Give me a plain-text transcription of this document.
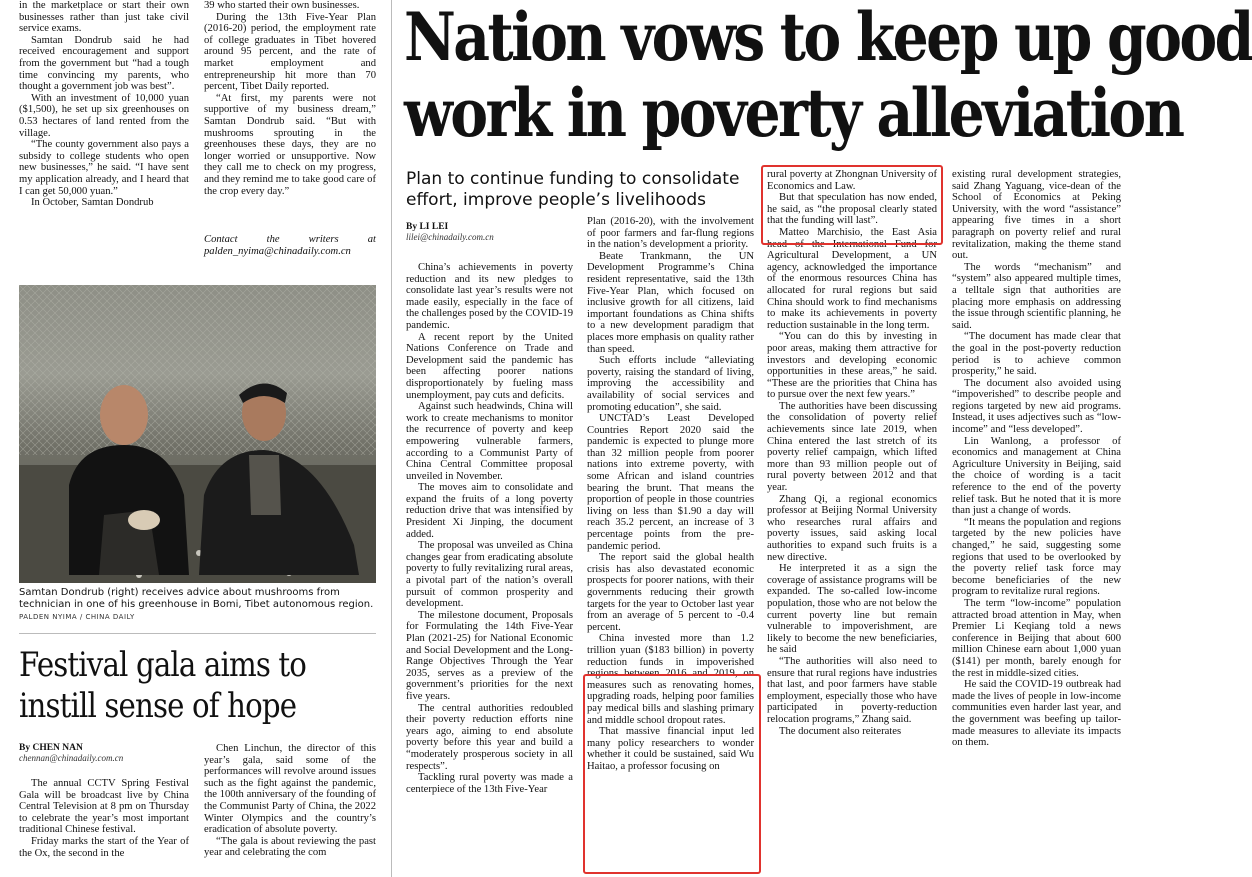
in the marketplace or start their own businesses rather than just take civil service exams.

Samtan Dondrub said he had received encouragement and support from the government but “had a tough time convincing my parents, who thought a government job was best”.

With an investment of 10,000 yuan ($1,500), he set up six greenhouses on 0.53 hectares of land rented from the village.

“The county government also pays a subsidy to college students who open new businesses,” he said. “I have sent my application already, and I heard that I can get 50,000 yuan.”

In October, Samtan Dondrub

39 who started their own businesses.

During the 13th Five-Year Plan (2016-20) period, the employment rate of college graduates in Tibet hovered around 95 percent, and the rate of market employment and entrepreneurship hit more than 70 percent, Tibet Daily reported.

“At first, my parents were not supportive of my business dream,” Samtan Dondrub said. “But with mushrooms sprouting in the greenhouses these days, they are no longer worried or unsupportive. Now they call me to check on my progress, and they remind me to take good care of the crop every day.”

Contact the writers at palden_nyima@chinadaily.com.cn
Samtan Dondrub (right) receives advice about mushrooms from technician in one of his greenhouse in Bomi, Tibet autonomous region. PALDEN NYIMA / CHINA DAILY
Festival gala aims to
instill sense of hope
By CHEN NAN
chennan@chinadaily.com.cn

The annual CCTV Spring Festival Gala will be broadcast live by China Central Television at 8 pm on Thursday to celebrate the year’s most important traditional Chinese festival.

Friday marks the start of the Year of the Ox, the second in the

Chen Linchun, the director of this year’s gala, said some of the performances will revolve around issues such as the fight against the pandemic, the 100th anniversary of the founding of the Communist Party of China, the 2022 Winter Olympics and the country’s eradication of absolute poverty.

“The gala is about reviewing the past year and celebrating the com

Nation vows to keep up good
work in poverty alleviation
Plan to continue funding to consolidate effort, improve people’s livelihoods
By LI LEI
lilei@chinadaily.com.cn

China’s achievements in poverty reduction and its new pledges to consolidate last year’s results were not made easily, especially in the face of the challenges posed by the COVID-19 pandemic.

A recent report by the United Nations Conference on Trade and Development said the pandemic has been affecting poorer nations disproportionately by fueling mass unemployment, pay cuts and deficits.

Against such headwinds, China will work to create mechanisms to monitor the recurrence of poverty and keep empowering vulnerable farmers, according to a Communist Party of China Central Committee proposal unveiled in November.

The moves aim to consolidate and expand the fruits of a long poverty reduction drive that was intensified by President Xi Jinping, the document added.

The proposal was unveiled as China changes gear from eradicating absolute poverty to fully revitalizing rural areas, a pivotal part of the nation’s overall pursuit of common prosperity and development.

The milestone document, Proposals for Formulating the 14th Five-Year Plan (2021-25) for National Economic and Social Development and the Long-Range Objectives Through the Year 2035, serves as a preview of the government’s priorities for the next five years.

The central authorities redoubled their poverty reduction efforts nine years ago, aiming to end absolute poverty before this year and build a “moderately prosperous society in all respects”.

Tackling rural poverty was made a centerpiece of the 13th Five-Year

Plan (2016-20), with the involvement of poor farmers and far-flung regions in the nation’s development a priority.

Beate Trankmann, the UN Development Programme’s China resident representative, said the 13th Five-Year Plan, which focused on inclusive growth for all citizens, laid important foundations as China shifts to a new development paradigm that places more emphasis on quality rather than speed.

Such efforts include “alleviating poverty, raising the standard of living, improving the accessibility and availability of social services and promoting education”, she said.

UNCTAD’s Least Developed Countries Report 2020 said the pandemic is expected to plunge more than 32 million people from poorer nations into extreme poverty, with some African and island countries bearing the brunt. That means the proportion of people in those countries living on less than $1.90 a day will reach 35.2 percent, an increase of 3 percentage points from the pre-pandemic period.

The report said the global health crisis has also devastated economic prospects for poorer nations, with their governments reducing their growth targets for the year to October last year from an average of 5 percent to -0.4 percent.

China invested more than 1.2 trillion yuan ($183 billion) in poverty reduction funds in impoverished regions between 2016 and 2019, on measures such as renovating homes, upgrading roads, helping poor families pay medical bills and slashing primary and middle school dropout rates.

That massive financial input led many policy researchers to wonder whether it could be sustained, said Wu Haitao, a professor focusing on

rural poverty at Zhongnan University of Economics and Law.

But that speculation has now ended, he said, as “the proposal clearly stated that the funding will last”.

Matteo Marchisio, the East Asia head of the International Fund for Agricultural Development, a UN agency, acknowledged the importance of the enormous resources China has allocated for rural regions but said China should work to find mechanisms to make its achievements in poverty reduction sustainable in the long term.

“You can do this by investing in poor areas, making them attractive for investors and developing economic opportunities in these areas,” he said. “These are the priorities that China has to pursue over the next few years.”

The authorities have been discussing the consolidation of poverty relief achievements since late 2019, when China entered the last stretch of its poverty relief campaign, which lifted more than 93 million people out of rural poverty between 2012 and that year.

Zhang Qi, a regional economics professor at Beijing Normal University who researches rural affairs and poverty issues, said asking local authorities to expand such fruits is a new directive.

He interpreted it as a sign the coverage of assistance programs will be expanded. The so-called low-income population, those who are not below the current poverty line but remain vulnerable to impoverishment, are likely to become the new beneficiaries, he said

“The authorities will also need to ensure that rural regions have industries that last, and poor farmers have stable employment, especially those who have participated in poverty-reduction relocation programs,” Zhang said.

The document also reiterates

existing rural development strategies, said Zhang Yaguang, vice-dean of the School of Economics at Peking University, with the word “assistance” appearing five times in a short paragraph on poverty relief and rural revitalization, making the theme stand out.

The words “mechanism” and “system” also appeared multiple times, a telltale sign that authorities are placing more emphasis on addressing the issue through scientific planning, he said.

“The document has made clear that the goal in the post-poverty reduction period is to achieve common prosperity,” he said.

The document also avoided using “impoverished” to describe people and regions targeted by new aid programs. Instead, it uses adjectives such as “low-income” and “less developed”.

Lin Wanlong, a professor of economics and management at China Agriculture University in Beijing, said the choice of wording is a tacit reference to the end of the poverty relief task. But he noted that it is more than just a change of words.

“It means the population and regions targeted by the new policies have changed,” he said, suggesting some regions that used to be overlooked by the poverty relief task force may become beneficiaries of the new program to revitalize rural regions.

The term “low-income” population attracted broad attention in May, when Premier Li Keqiang told a news conference in Beijing that about 600 million Chinese earn about 1,000 yuan ($141) per month, barely enough for the rest in middle-sized cities.

He said the COVID-19 outbreak had made the lives of people in low-income communities even harder last year, and the government was beefing up tailor-made measures to alleviate its impacts on them.
